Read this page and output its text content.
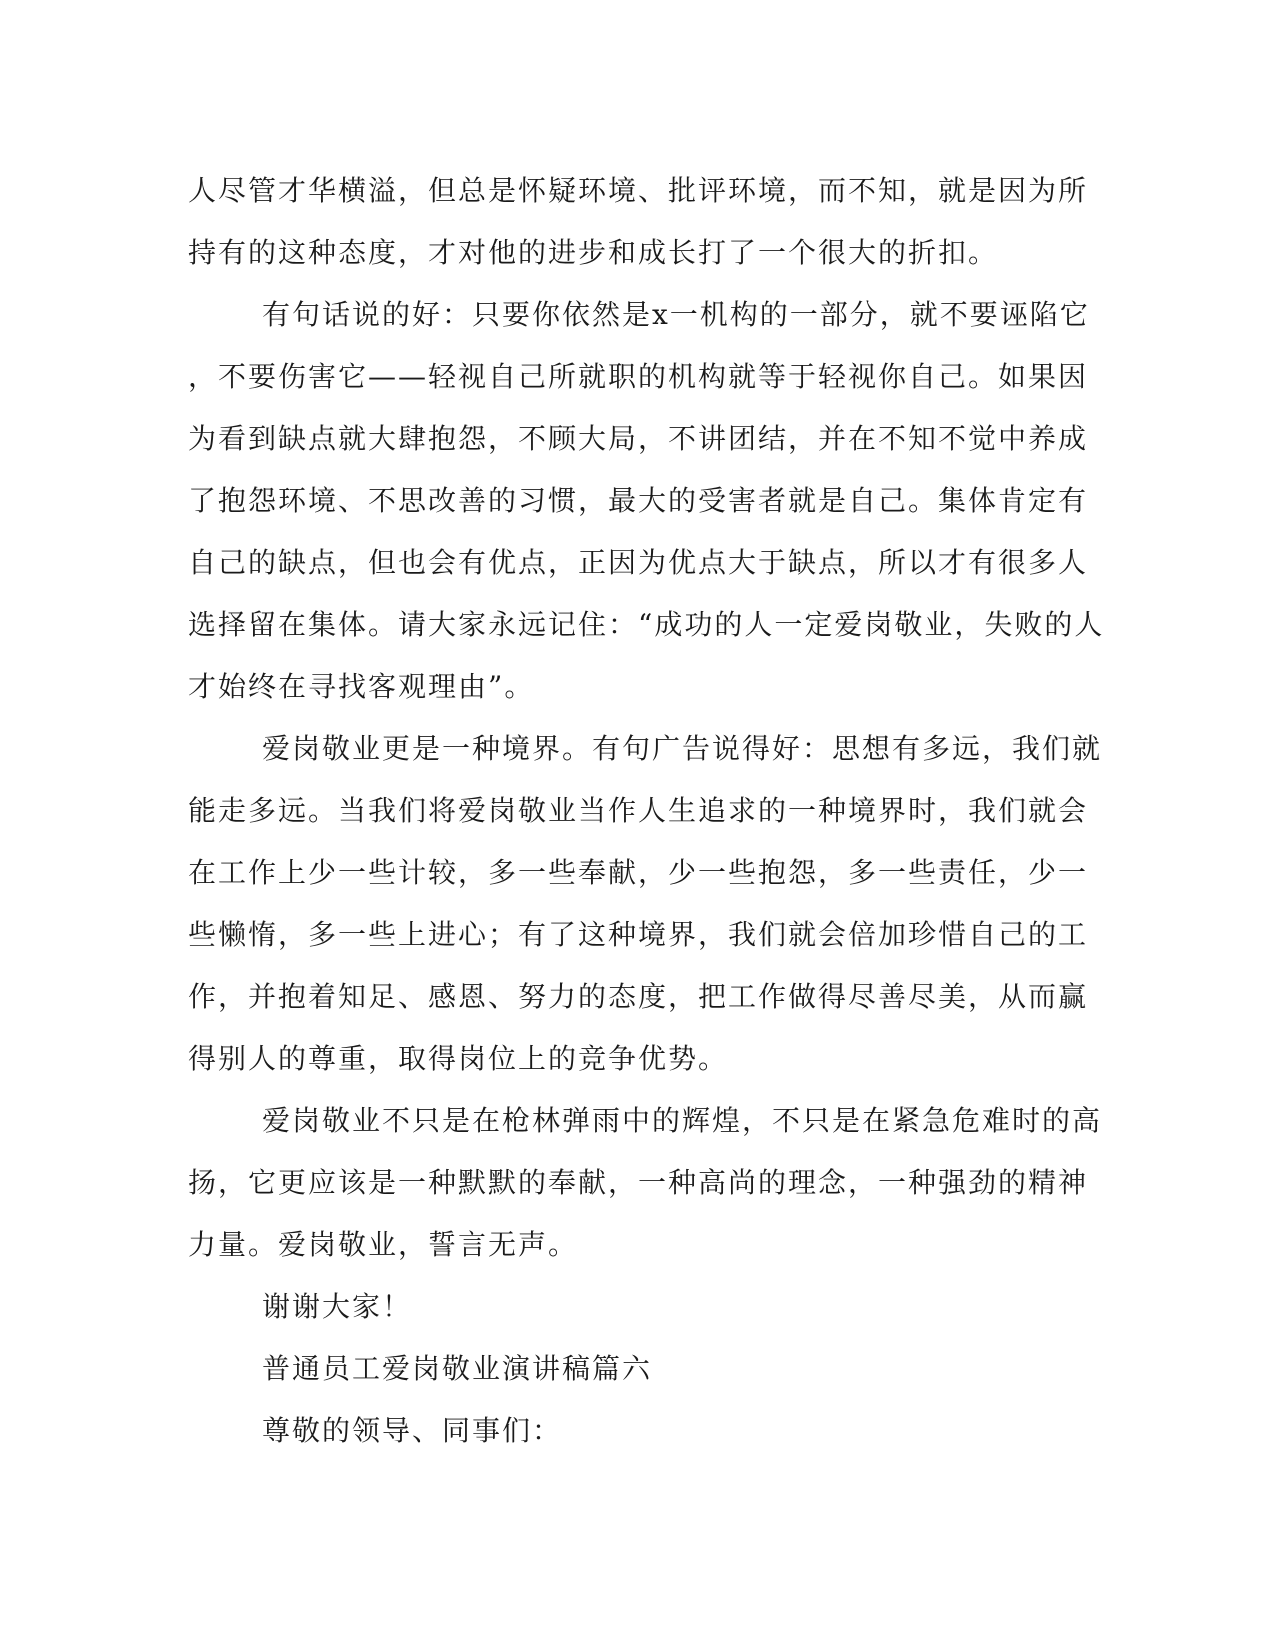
人尽管才华横溢，但总是怀疑环境、批评环境，而不知，就是因为所
持有的这种态度，才对他的进步和成长打了一个很大的折扣。
有句话说的好：只要你依然是x一机构的一部分，就不要诬陷它
，不要伤害它——轻视自己所就职的机构就等于轻视你自己。如果因
为看到缺点就大肆抱怨，不顾大局，不讲团结，并在不知不觉中养成
了抱怨环境、不思改善的习惯，最大的受害者就是自己。集体肯定有
自己的缺点，但也会有优点，正因为优点大于缺点，所以才有很多人
选择留在集体。请大家永远记住：“成功的人一定爱岗敬业，失败的人
才始终在寻找客观理由”。
爱岗敬业更是一种境界。有句广告说得好：思想有多远，我们就
能走多远。当我们将爱岗敬业当作人生追求的一种境界时，我们就会
在工作上少一些计较，多一些奉献，少一些抱怨，多一些责任，少一
些懒惰，多一些上进心；有了这种境界，我们就会倍加珍惜自己的工
作，并抱着知足、感恩、努力的态度，把工作做得尽善尽美，从而赢
得别人的尊重，取得岗位上的竞争优势。
爱岗敬业不只是在枪林弹雨中的辉煌，不只是在紧急危难时的高
扬，它更应该是一种默默的奉献，一种高尚的理念，一种强劲的精神
力量。爱岗敬业，誓言无声。
谢谢大家！
普通员工爱岗敬业演讲稿篇六
尊敬的领导、同事们：
